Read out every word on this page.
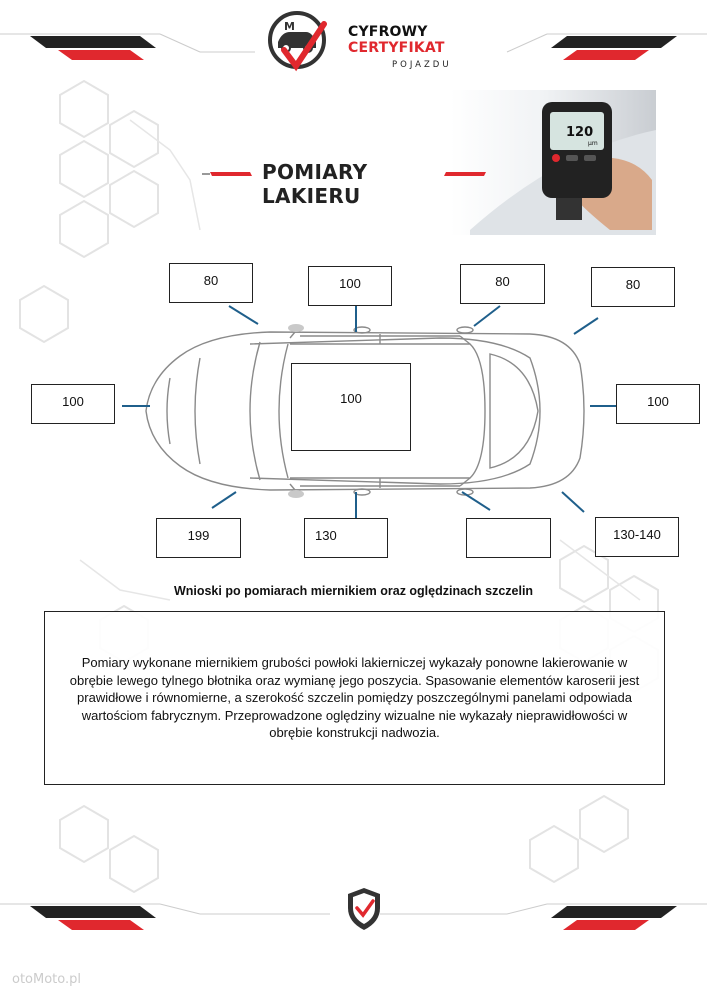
M	CYFROWY CERTYFIKAT
POJAZDU
120
μm
POMIARY LAKIERU
80	100	80	80
100	100	100
199	130	130-140
Wnioski po pomiarach miernikiem oraz oględzinach szczelin
Pomiary wykonane miernikiem grubości powłoki lakierniczej wykazały ponowne lakierowanie w obrębie lewego tylnego błotnika oraz wymianę jego poszycia. Spasowanie elementów karoserii jest prawidłowe i równomierne, a szerokość szczelin pomiędzy poszczególnymi panelami odpowiada wartościom fabrycznym. Przeprowadzone oględziny wizualne nie wykazały nieprawidłowości w obrębie konstrukcji nadwozia.
otoMoto.pl
